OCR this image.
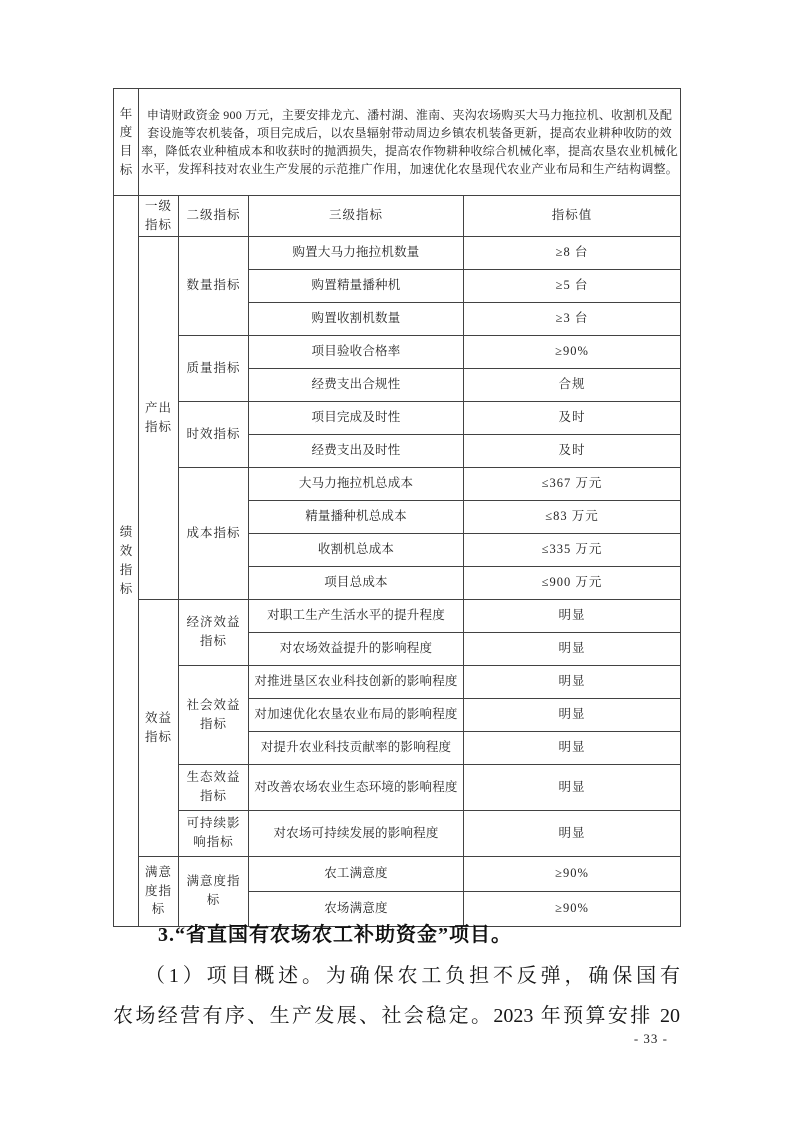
年度目标	申请财政资金 900 万元，主要安排龙亢、潘村湖、淮南、夹沟农场购买大马力拖拉机、收割机及配套设施等农机装备，项目完成后，以农垦辐射带动周边乡镇农机装备更新，提高农业耕种收防的效率，降低农业种植成本和收获时的抛洒损失，提高农作物耕种收综合机械化率，提高农垦农业机械化水平，发挥科技对农业生产发展的示范推广作用，加速优化农垦现代农业产业布局和生产结构调整。			
绩效指标	一级指标	二级指标	三级指标	指标值
	产出指标	数量指标	购置大马力拖拉机数量	≥8 台
			购置精量播种机	≥5 台
			购置收割机数量	≥3 台
		质量指标	项目验收合格率	≥90%
			经费支出合规性	合规
		时效指标	项目完成及时性	及时
			经费支出及时性	及时
		成本指标	大马力拖拉机总成本	≤367 万元
			精量播种机总成本	≤83 万元
			收割机总成本	≤335 万元
			项目总成本	≤900 万元
	效益指标	经济效益指标	对职工生产生活水平的提升程度	明显
			对农场效益提升的影响程度	明显
		社会效益指标	对推进垦区农业科技创新的影响程度	明显
			对加速优化农垦农业布局的影响程度	明显
			对提升农业科技贡献率的影响程度	明显
		生态效益指标	对改善农场农业生态环境的影响程度	明显
		可持续影响指标	对农场可持续发展的影响程度	明显
	满意度指标	满意度指标	农工满意度	≥90%
			农场满意度	≥90%
3.“省直国有农场农工补助资金”项目。
（1）项目概述。为确保农工负担不反弹，确保国有
农场经营有序、生产发展、社会稳定。2023 年预算安排 20
- 33 -
